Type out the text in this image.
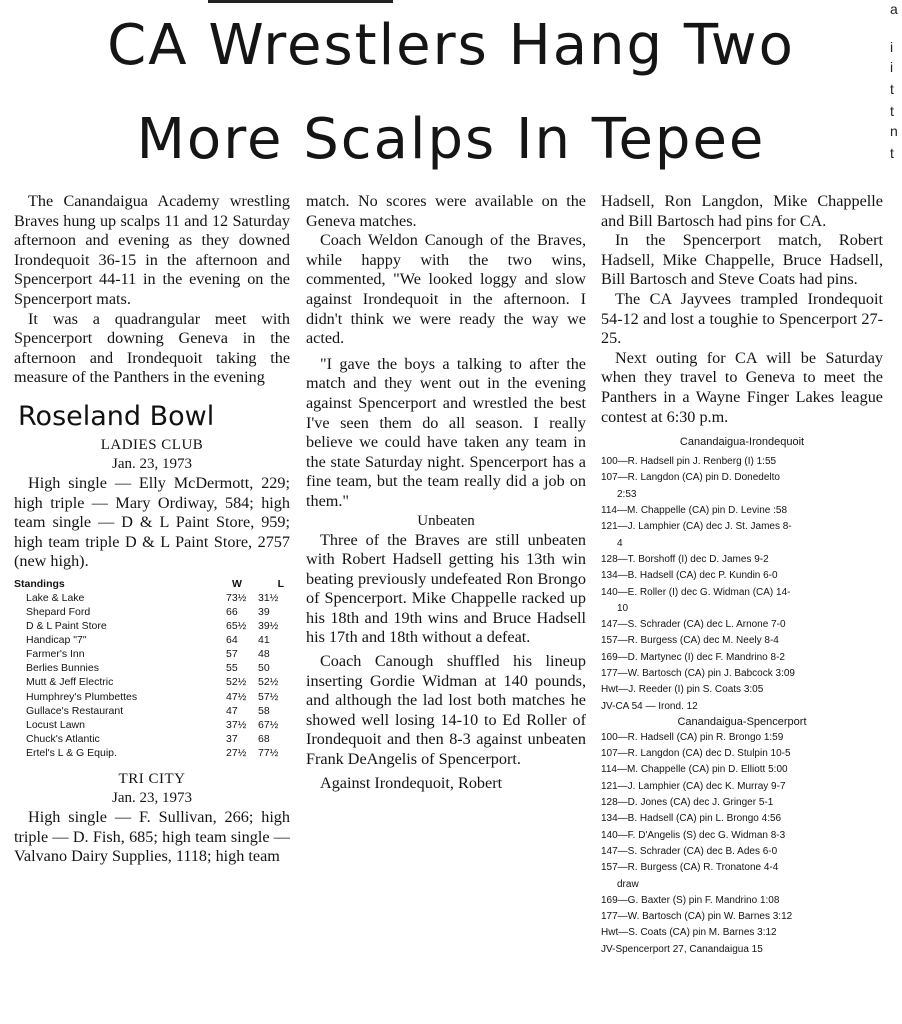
a
i
i
t
t
n
t
CA Wrestlers Hang Two
More Scalps In Tepee

The Canandaigua Academy wrestling Braves hung up scalps 11 and 12 Saturday afternoon and evening as they downed Irondequoit 36-15 in the afternoon and Spencerport 44-11 in the evening on the Spencerport mats.

It was a quadrangular meet with Spencerport downing Geneva in the afternoon and Irondequoit taking the measure of the Panthers in the evening

Roseland Bowl
LADIES CLUB
Jan. 23, 1973

High single — Elly McDermott, 229; high triple — Mary Ordiway, 584; high team single — D & L Paint Store, 959; high team triple D & L Paint Store, 2757 (new high).

Standings	W	L
Lake & Lake	73½	31½
Shepard Ford	66	39
D & L Paint Store	65½	39½
Handicap "7"	64	41
Farmer's Inn	57	48
Berlies Bunnies	55	50
Mutt & Jeff Electric	52½	52½
Humphrey's Plumbettes	47½	57½
Gullace's Restaurant	47	58
Locust Lawn	37½	67½
Chuck's Atlantic	37	68
Ertel's L & G Equip.	27½	77½
TRI CITY
Jan. 23, 1973

High single — F. Sullivan, 266; high triple — D. Fish, 685; high team single — Valvano Dairy Supplies, 1118; high team

match. No scores were available on the Geneva matches.

Coach Weldon Canough of the Braves, while happy with the two wins, commented, "We looked loggy and slow against Irondequoit in the afternoon. I didn't think we were ready the way we acted.

"I gave the boys a talking to after the match and they went out in the evening against Spencerport and wrestled the best I've seen them do all season. I really believe we could have taken any team in the state Saturday night. Spencerport has a fine team, but the team really did a job on them."

Unbeaten

Three of the Braves are still unbeaten with Robert Hadsell getting his 13th win beating previously undefeated Ron Brongo of Spencerport. Mike Chappelle racked up his 18th and 19th wins and Bruce Hadsell his 17th and 18th without a defeat.

Coach Canough shuffled his lineup inserting Gordie Widman at 140 pounds, and although the lad lost both matches he showed well losing 14-10 to Ed Roller of Irondequoit and then 8-3 against unbeaten Frank DeAngelis of Spencerport.

Against Irondequoit, Robert

Hadsell, Ron Langdon, Mike Chappelle and Bill Bartosch had pins for CA.

In the Spencerport match, Robert Hadsell, Mike Chappelle, Bruce Hadsell, Bill Bartosch and Steve Coats had pins.

The CA Jayvees trampled Irondequoit 54-12 and lost a toughie to Spencerport 27-25.

Next outing for CA will be Saturday when they travel to Geneva to meet the Panthers in a Wayne Finger Lakes league contest at 6:30 p.m.

Canandaigua-Irondequoit
100—R. Hadsell pin J. Renberg (I) 1:55
107—R. Langdon (CA) pin D. Donedelto
2:53
114—M. Chappelle (CA) pin D. Levine :58
121—J. Lamphier (CA) dec J. St. James 8-
4
128—T. Borshoff (I) dec D. James 9-2
134—B. Hadsell (CA) dec P. Kundin 6-0
140—E. Roller (I) dec G. Widman (CA) 14-
10
147—S. Schrader (CA) dec L. Arnone 7-0
157—R. Burgess (CA) dec M. Neely 8-4
169—D. Martynec (I) dec F. Mandrino 8-2
177—W. Bartosch (CA) pin J. Babcock 3:09
Hwt—J. Reeder (I) pin S. Coats 3:05
JV-CA 54 — Irond. 12
Canandaigua-Spencerport
100—R. Hadsell (CA) pin R. Brongo 1:59
107—R. Langdon (CA) dec D. Stulpin 10-5
114—M. Chappelle (CA) pin D. Elliott 5:00
121—J. Lamphier (CA) dec K. Murray 9-7
128—D. Jones (CA) dec J. Gringer 5-1
134—B. Hadsell (CA) pin L. Brongo 4:56
140—F. D'Angelis (S) dec G. Widman 8-3
147—S. Schrader (CA) dec B. Ades 6-0
157—R. Burgess (CA) R. Tronatone 4-4
draw
169—G. Baxter (S) pin F. Mandrino 1:08
177—W. Bartosch (CA) pin W. Barnes 3:12
Hwt—S. Coats (CA) pin M. Barnes 3:12
JV-Spencerport 27, Canandaigua 15
